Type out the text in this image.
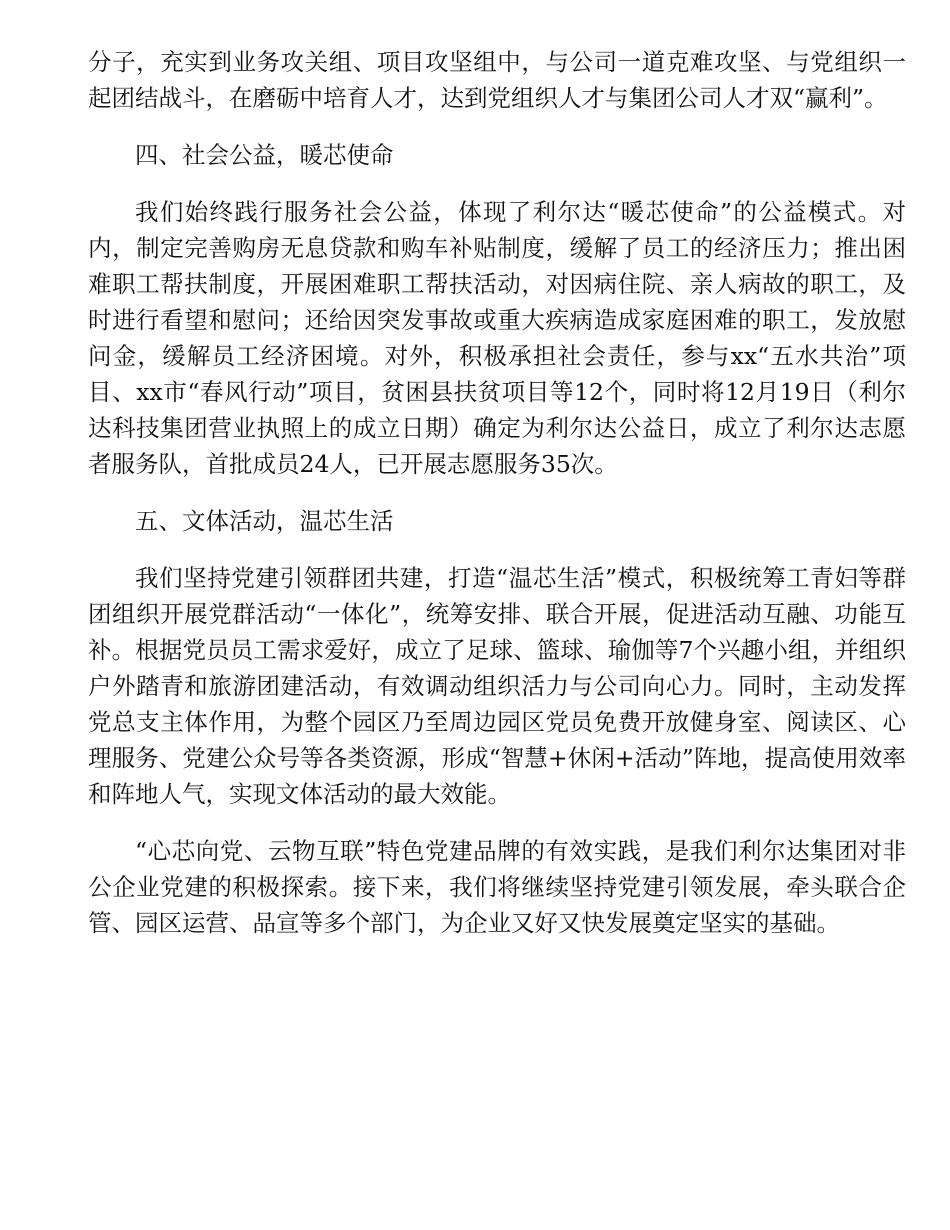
分子，充实到业务攻关组、项目攻坚组中，与公司一道克难攻坚、与党组织一起团结战斗，在磨砺中培育人才，达到党组织人才与集团公司人才双“赢利”。

四、社会公益，暖芯使命

我们始终践行服务社会公益，体现了利尔达“暖芯使命”的公益模式。对内，制定完善购房无息贷款和购车补贴制度，缓解了员工的经济压力；推出困难职工帮扶制度，开展困难职工帮扶活动，对因病住院、亲人病故的职工，及时进行看望和慰问；还给因突发事故或重大疾病造成家庭困难的职工，发放慰问金，缓解员工经济困境。对外，积极承担社会责任，参与xx“五水共治”项目、xx市“春风行动”项目，贫困县扶贫项目等12个，同时将12月19日（利尔达科技集团营业执照上的成立日期）确定为利尔达公益日，成立了利尔达志愿者服务队，首批成员24人，已开展志愿服务35次。

五、文体活动，温芯生活

我们坚持党建引领群团共建，打造“温芯生活”模式，积极统筹工青妇等群团组织开展党群活动“一体化”，统筹安排、联合开展，促进活动互融、功能互补。根据党员员工需求爱好，成立了足球、篮球、瑜伽等7个兴趣小组，并组织户外踏青和旅游团建活动，有效调动组织活力与公司向心力。同时，主动发挥党总支主体作用，为整个园区乃至周边园区党员免费开放健身室、阅读区、心理服务、党建公众号等各类资源，形成“智慧+休闲+活动”阵地，提高使用效率和阵地人气，实现文体活动的最大效能。

“心芯向党、云物互联”特色党建品牌的有效实践，是我们利尔达集团对非公企业党建的积极探索。接下来，我们将继续坚持党建引领发展，牵头联合企管、园区运营、品宣等多个部门，为企业又好又快发展奠定坚实的基础。
